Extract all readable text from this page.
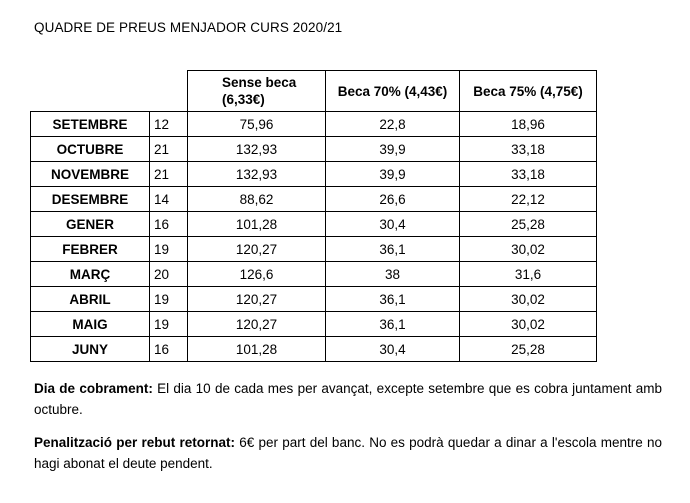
QUADRE DE PREUS MENJADOR CURS 2020/21
		Sense beca (6,33€)	Beca 70% (4,43€)	Beca 75% (4,75€)
SETEMBRE	12	75,96	22,8	18,96
OCTUBRE	21	132,93	39,9	33,18
NOVEMBRE	21	132,93	39,9	33,18
DESEMBRE	14	88,62	26,6	22,12
GENER	16	101,28	30,4	25,28
FEBRER	19	120,27	36,1	30,02
MARÇ	20	126,6	38	31,6
ABRIL	19	120,27	36,1	30,02
MAIG	19	120,27	36,1	30,02
JUNY	16	101,28	30,4	25,28

Dia de cobrament: El dia 10 de cada mes per avançat, excepte setembre que es cobra juntament amb octubre.

Penalització per rebut retornat: 6€ per part del banc. No es podrà quedar a dinar a l'escola mentre no hagi abonat el deute pendent.
